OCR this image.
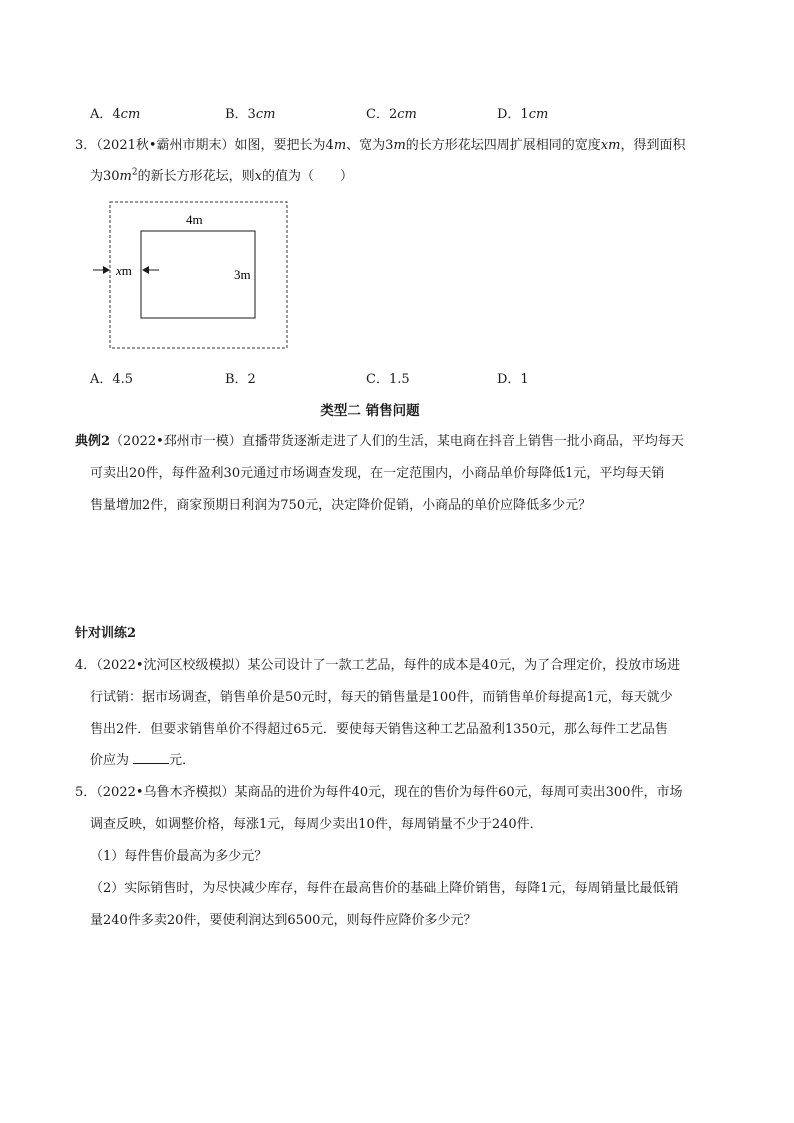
A．4cm	B．3cm	C．2cm	D．1cm
3．（2021秋•霸州市期末）如图，要把长为4m、宽为3m的长方形花坛四周扩展相同的宽度xm，得到面积
为$30m^2$的新长方形花坛，则x的值为（　　）
4m
3m
xm
A．4.5	B．2	C．1.5	D．1
类型二 销售问题
典例2（2022•邳州市一模）直播带货逐渐走进了人们的生活，某电商在抖音上销售一批小商品，平均每天
可卖出20件，每件盈利30元通过市场调查发现，在一定范围内，小商品单价每降低1元，平均每天销
售量增加2件，商家预期日利润为750元，决定降价促销，小商品的单价应降低多少元？
针对训练2
4．（2022•沈河区校级模拟）某公司设计了一款工艺品，每件的成本是40元，为了合理定价，投放市场进
行试销：据市场调查，销售单价是50元时，每天的销售量是100件，而销售单价每提高1元，每天就少
售出2件．但要求销售单价不得超过65元．要使每天销售这种工艺品盈利1350元，那么每件工艺品售
价应为	元．
5．（2022•乌鲁木齐模拟）某商品的进价为每件40元，现在的售价为每件60元，每周可卖出300件，市场
调查反映，如调整价格，每涨1元，每周少卖出10件，每周销量不少于240件．
（1）每件售价最高为多少元？
（2）实际销售时，为尽快减少库存，每件在最高售价的基础上降价销售，每降1元，每周销量比最低销
量240件多卖20件，要使利润达到6500元，则每件应降价多少元？
